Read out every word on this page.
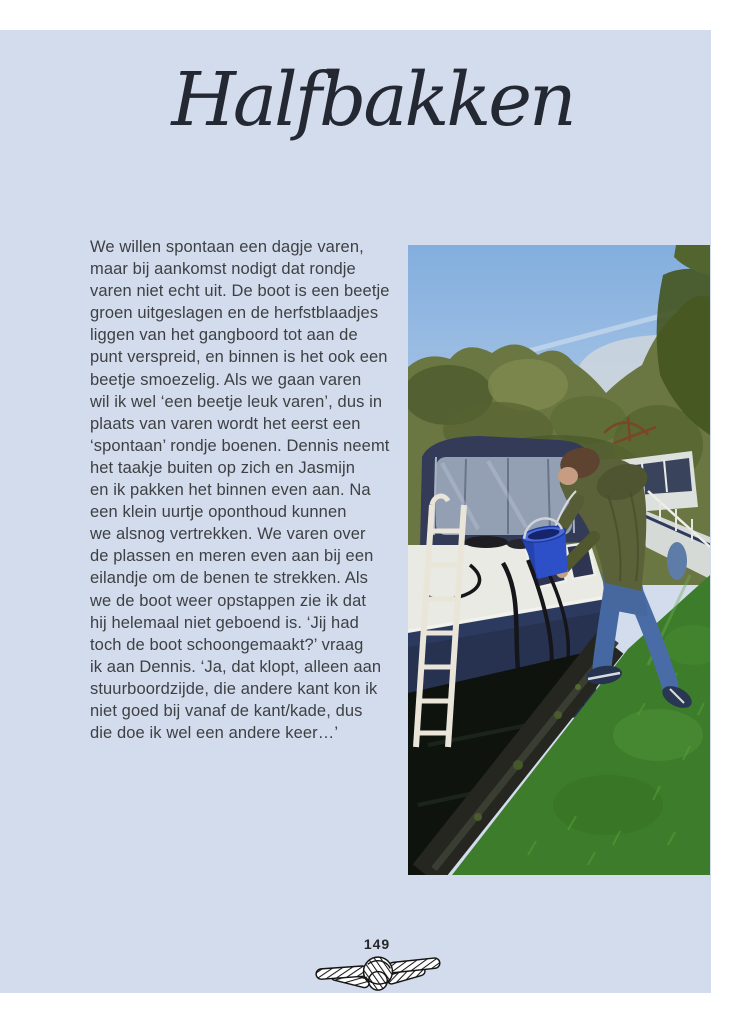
Halfbakken
We willen spontaan een dagje varen,
maar bij aankomst nodigt dat rondje
varen niet echt uit. De boot is een beetje
groen uitgeslagen en de herfstblaadjes
liggen van het gangboord tot aan de
punt verspreid, en binnen is het ook een
beetje smoezelig. Als we gaan varen
wil ik wel ‘een beetje leuk varen’, dus in
plaats van varen wordt het eerst een
‘spontaan’ rondje boenen. Dennis neemt
het taakje buiten op zich en Jasmijn
en ik pakken het binnen even aan. Na
een klein uurtje oponthoud kunnen
we alsnog vertrekken. We varen over
de plassen en meren even aan bij een
eilandje om de benen te strekken. Als
we de boot weer opstappen zie ik dat
hij helemaal niet geboend is. ‘Jij had
toch de boot schoongemaakt?’ vraag
ik aan Dennis. ‘Ja, dat klopt, alleen aan
stuurboordzijde, die andere kant kon ik
niet goed bij vanaf de kant/kade, dus
die doe ik wel een andere keer…’
149
